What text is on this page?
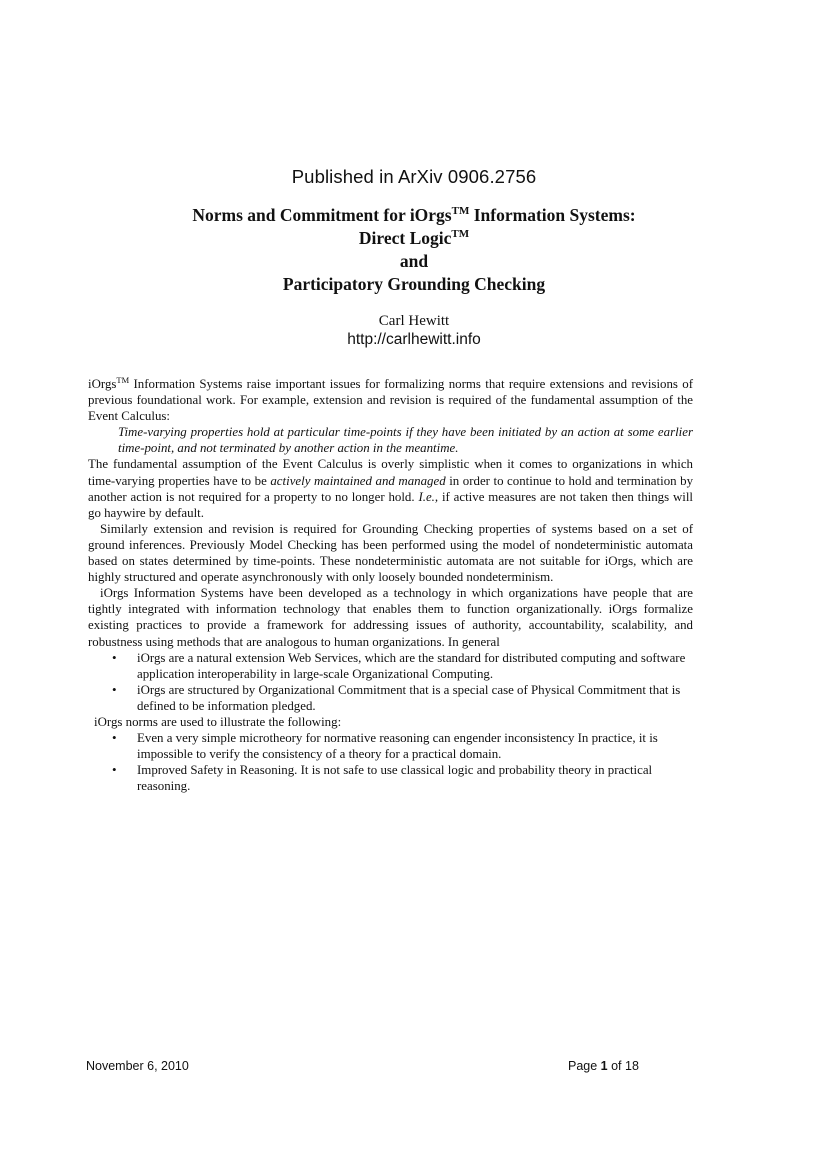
Published in ArXiv 0906.2756
Norms and Commitment for iOrgs™ Information Systems:
Direct Logic™
and
Participatory Grounding Checking
Carl Hewitt
http://carlhewitt.info

iOrgs™ Information Systems raise important issues for formalizing norms that require extensions and revisions of previous foundational work. For example, extension and revision is required of the fundamental assumption of the Event Calculus:

Time-varying properties hold at particular time-points if they have been initiated by an action at some earlier time-point, and not terminated by another action in the meantime.

The fundamental assumption of the Event Calculus is overly simplistic when it comes to organizations in which time-varying properties have to be actively maintained and managed in order to continue to hold and termination by another action is not required for a property to no longer hold. I.e., if active measures are not taken then things will go haywire by default.

Similarly extension and revision is required for Grounding Checking properties of systems based on a set of ground inferences. Previously Model Checking has been performed using the model of nondeterministic automata based on states determined by time-points. These nondeterministic automata are not suitable for iOrgs, which are highly structured and operate asynchronously with only loosely bounded nondeterminism.

iOrgs Information Systems have been developed as a technology in which organizations have people that are tightly integrated with information technology that enables them to function organizationally. iOrgs formalize existing practices to provide a framework for addressing issues of authority, accountability, scalability, and robustness using methods that are analogous to human organizations. In general

• iOrgs are a natural extension Web Services, which are the standard for distributed computing and software application interoperability in large-scale Organizational Computing.
• iOrgs are structured by Organizational Commitment that is a special case of Physical Commitment that is defined to be information pledged.

iOrgs norms are used to illustrate the following:

• Even a very simple microtheory for normative reasoning can engender inconsistency In practice, it is impossible to verify the consistency of a theory for a practical domain.
• Improved Safety in Reasoning. It is not safe to use classical logic and probability theory in practical reasoning.
November 6, 2010	Page 1 of 18
